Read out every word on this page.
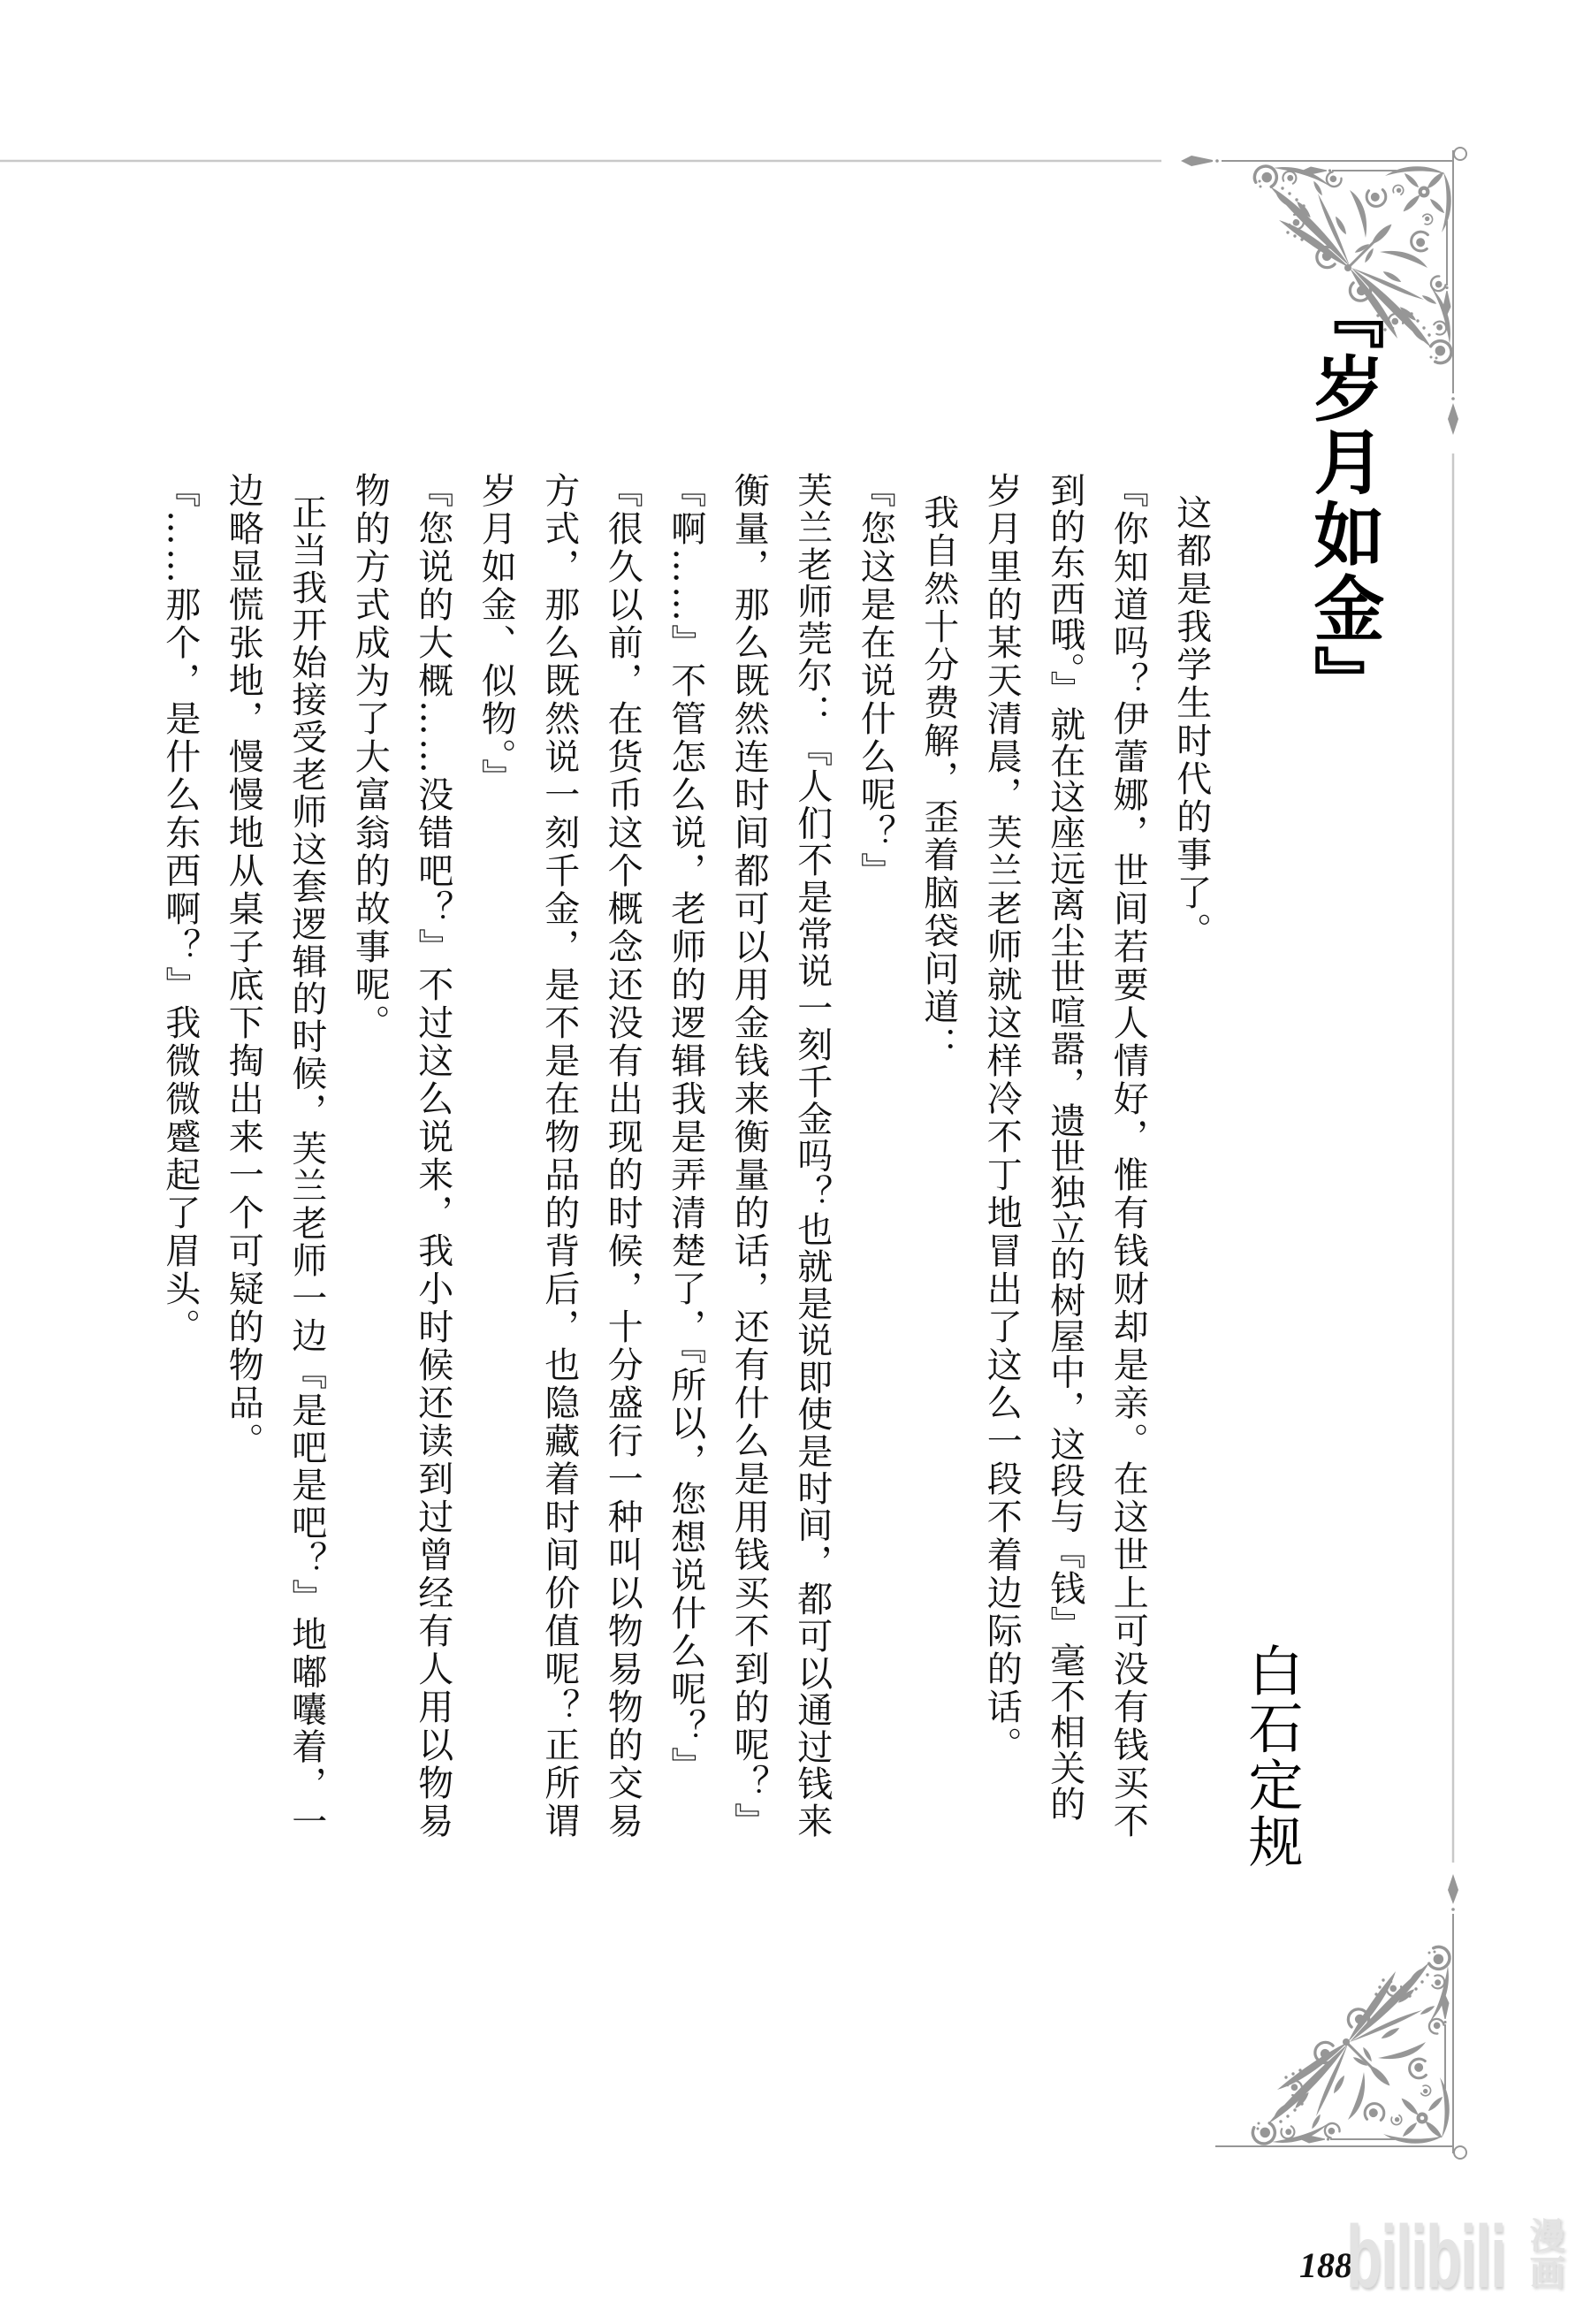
『岁月如金』
白石定规
这都是我学生时代的事了。
『你知道吗？伊蕾娜，世间若要人情好，惟有钱财却是亲。在这世上可没有钱买不
到的东西哦。』就在这座远离尘世喧嚣，遗世独立的树屋中，这段与『钱』毫不相关的
岁月里的某天清晨，芙兰老师就这样冷不丁地冒出了这么一段不着边际的话。
我自然十分费解，歪着脑袋问道：
『您这是在说什么呢？』
芙兰老师莞尔：『人们不是常说一刻千金吗？也就是说即使是时间，都可以通过钱来
衡量，那么既然连时间都可以用金钱来衡量的话，还有什么是用钱买不到的呢？』
『啊……』不管怎么说，老师的逻辑我是弄清楚了，『所以，您想说什么呢？』
『很久以前，在货币这个概念还没有出现的时候，十分盛行一种叫以物易物的交易
方式，那么既然说一刻千金，是不是在物品的背后，也隐藏着时间价值呢？正所谓
岁月如金、似物。』
『您说的大概……没错吧？』不过这么说来，我小时候还读到过曾经有人用以物易
物的方式成为了大富翁的故事呢。
正当我开始接受老师这套逻辑的时候，芙兰老师一边『是吧是吧？』地嘟囔着，一
边略显慌张地，慢慢地从桌子底下掏出来一个可疑的物品。
『……那个，是什么东西啊？』我微微蹙起了眉头。
188
bilibili 漫画
